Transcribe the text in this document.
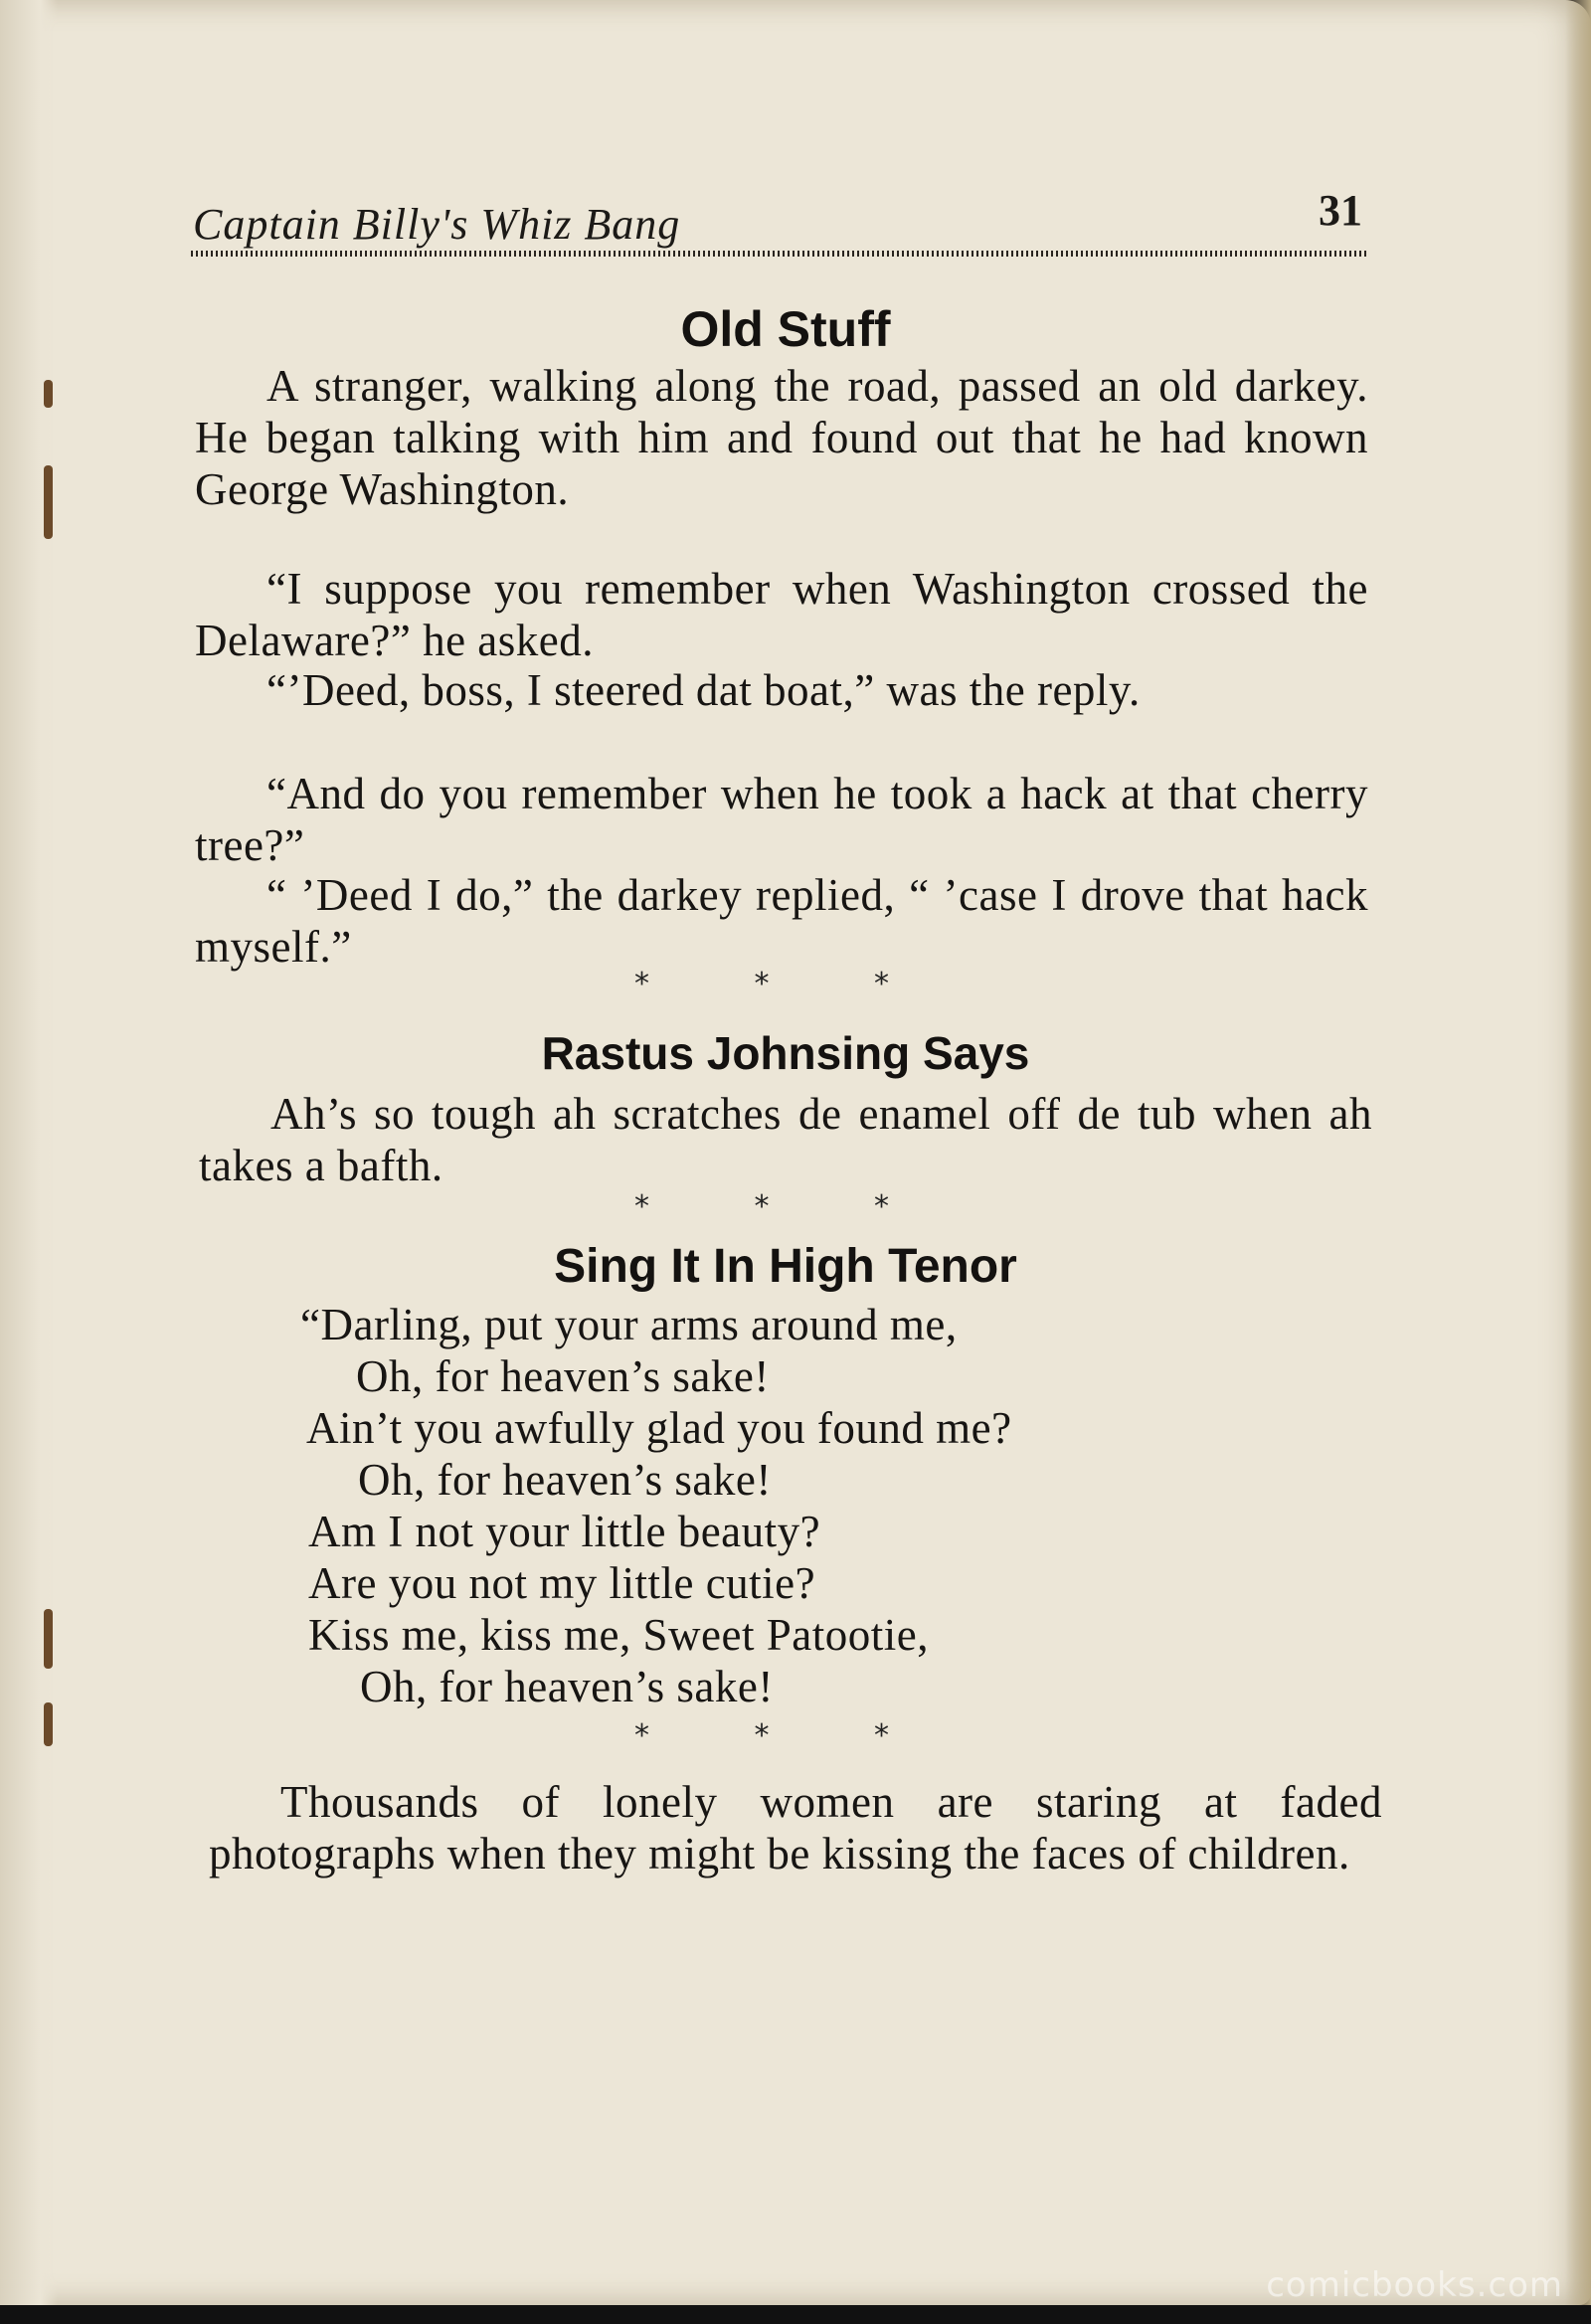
Captain Billy's Whiz Bang	31
Old Stuff

A stranger, walking along the road, passed an old darkey. He began talking with him and found out that he had known George Washington.

“I suppose you remember when Washington crossed the Delaware?” he asked.

“’Deed, boss, I steered dat boat,” was the reply.

“And do you remember when he took a hack at that cherry tree?”

“ ’Deed I do,” the darkey replied, “ ’case I drove that hack myself.”

* * *
Rastus Johnsing Says

Ah’s so tough ah scratches de enamel off de tub when ah takes a bafth.

* * *
Sing It In High Tenor

“Darling, put your arms around me,

Oh, for heaven’s sake!

Ain’t you awfully glad you found me?

Oh, for heaven’s sake!

Am I not your little beauty?

Are you not my little cutie?

Kiss me, kiss me, Sweet Patootie,

Oh, for heaven’s sake!

* * *

Thousands of lonely women are staring at faded photographs when they might be kissing the faces of children.

comicbooks.com
